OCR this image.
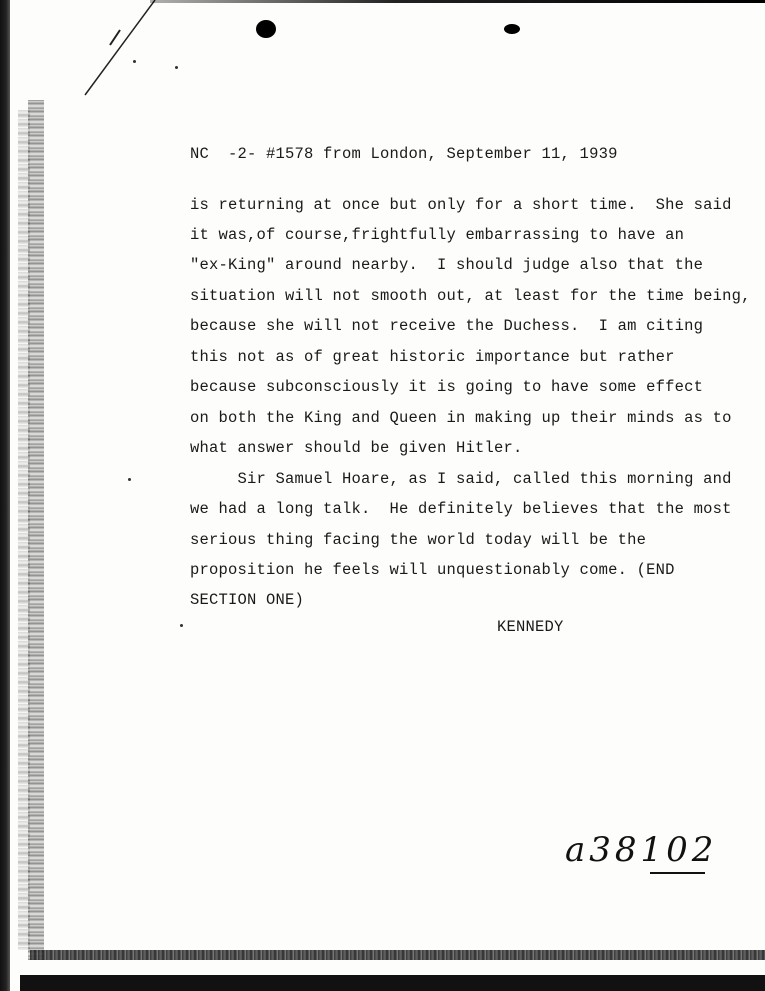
NC  -2- #1578 from London, September 11, 1939
is returning at once but only for a short time.  She said
it was,of course,frightfully embarrassing to have an
"ex-King" around nearby.  I should judge also that the
situation will not smooth out, at least for the time being,
because she will not receive the Duchess.  I am citing
this not as of great historic importance but rather
because subconsciously it is going to have some effect
on both the King and Queen in making up their minds as to
what answer should be given Hitler.
Sir Samuel Hoare, as I said, called this morning and
we had a long talk.  He definitely believes that the most
serious thing facing the world today will be the
proposition he feels will unquestionably come. (END
SECTION ONE)
KENNEDY
a38102
